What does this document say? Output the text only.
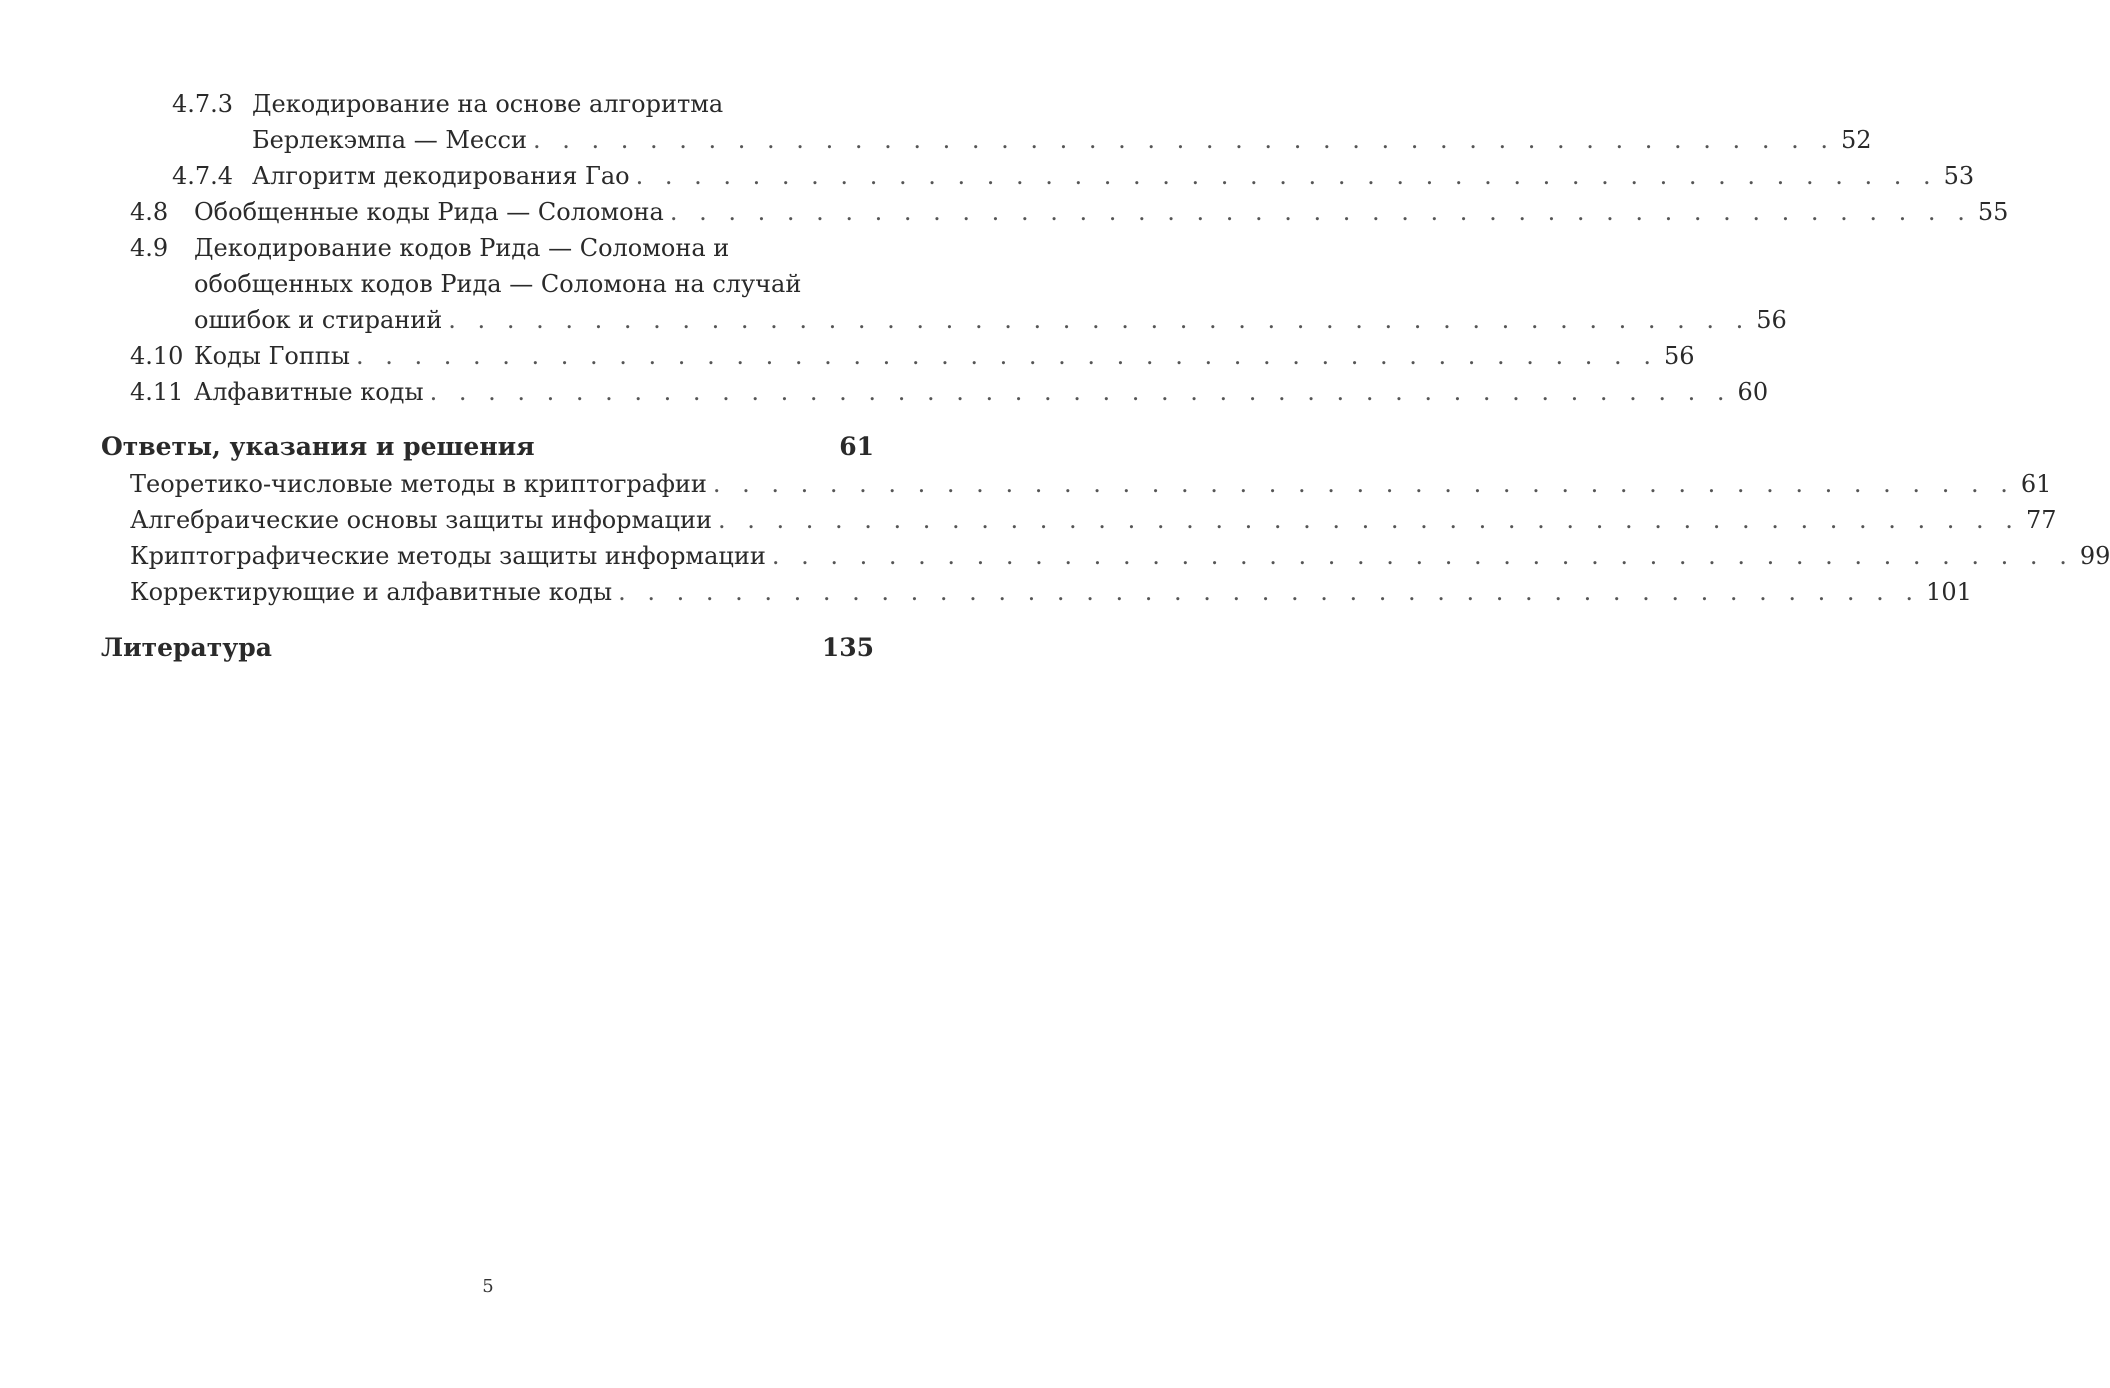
4.7.3 Декодирование на основе алгоритма
Берлекэмпа — Месси . . . . . . . . . . . . . . . . . . . . . . . . . . . . . . . . . . . . . . . . . . . . . 52
4.7.4 Алгоритм декодирования Гао . . . . . . . . . . . . . . . . . . . . . . . . . . . . . . . . . . . . . . . . . . . . . 53
4.8 Обобщенные коды Рида — Соломона . . . . . . . . . . . . . . . . . . . . . . . . . . . . . . . . . . . . . . . . . . . . . 55
4.9 Декодирование кодов Рида — Соломона и
обобщенных кодов Рида — Соломона на случай
ошибок и стираний . . . . . . . . . . . . . . . . . . . . . . . . . . . . . . . . . . . . . . . . . . . . . 56
4.10 Коды Гоппы . . . . . . . . . . . . . . . . . . . . . . . . . . . . . . . . . . . . . . . . . . . . . 56
4.11 Алфавитные коды . . . . . . . . . . . . . . . . . . . . . . . . . . . . . . . . . . . . . . . . . . . . . 60
Ответы, указания и решения	61
Теоретико-числовые методы в криптографии . . . . . . . . . . . . . . . . . . . . . . . . . . . . . . . . . . . . . . . . . . . . . 61
Алгебраические основы защиты информации . . . . . . . . . . . . . . . . . . . . . . . . . . . . . . . . . . . . . . . . . . . . . 77
Криптографические методы защиты информации . . . . . . . . . . . . . . . . . . . . . . . . . . . . . . . . . . . . . . . . . . . . . 99
Корректирующие и алфавитные коды . . . . . . . . . . . . . . . . . . . . . . . . . . . . . . . . . . . . . . . . . . . . . 101
Литература	135
5
